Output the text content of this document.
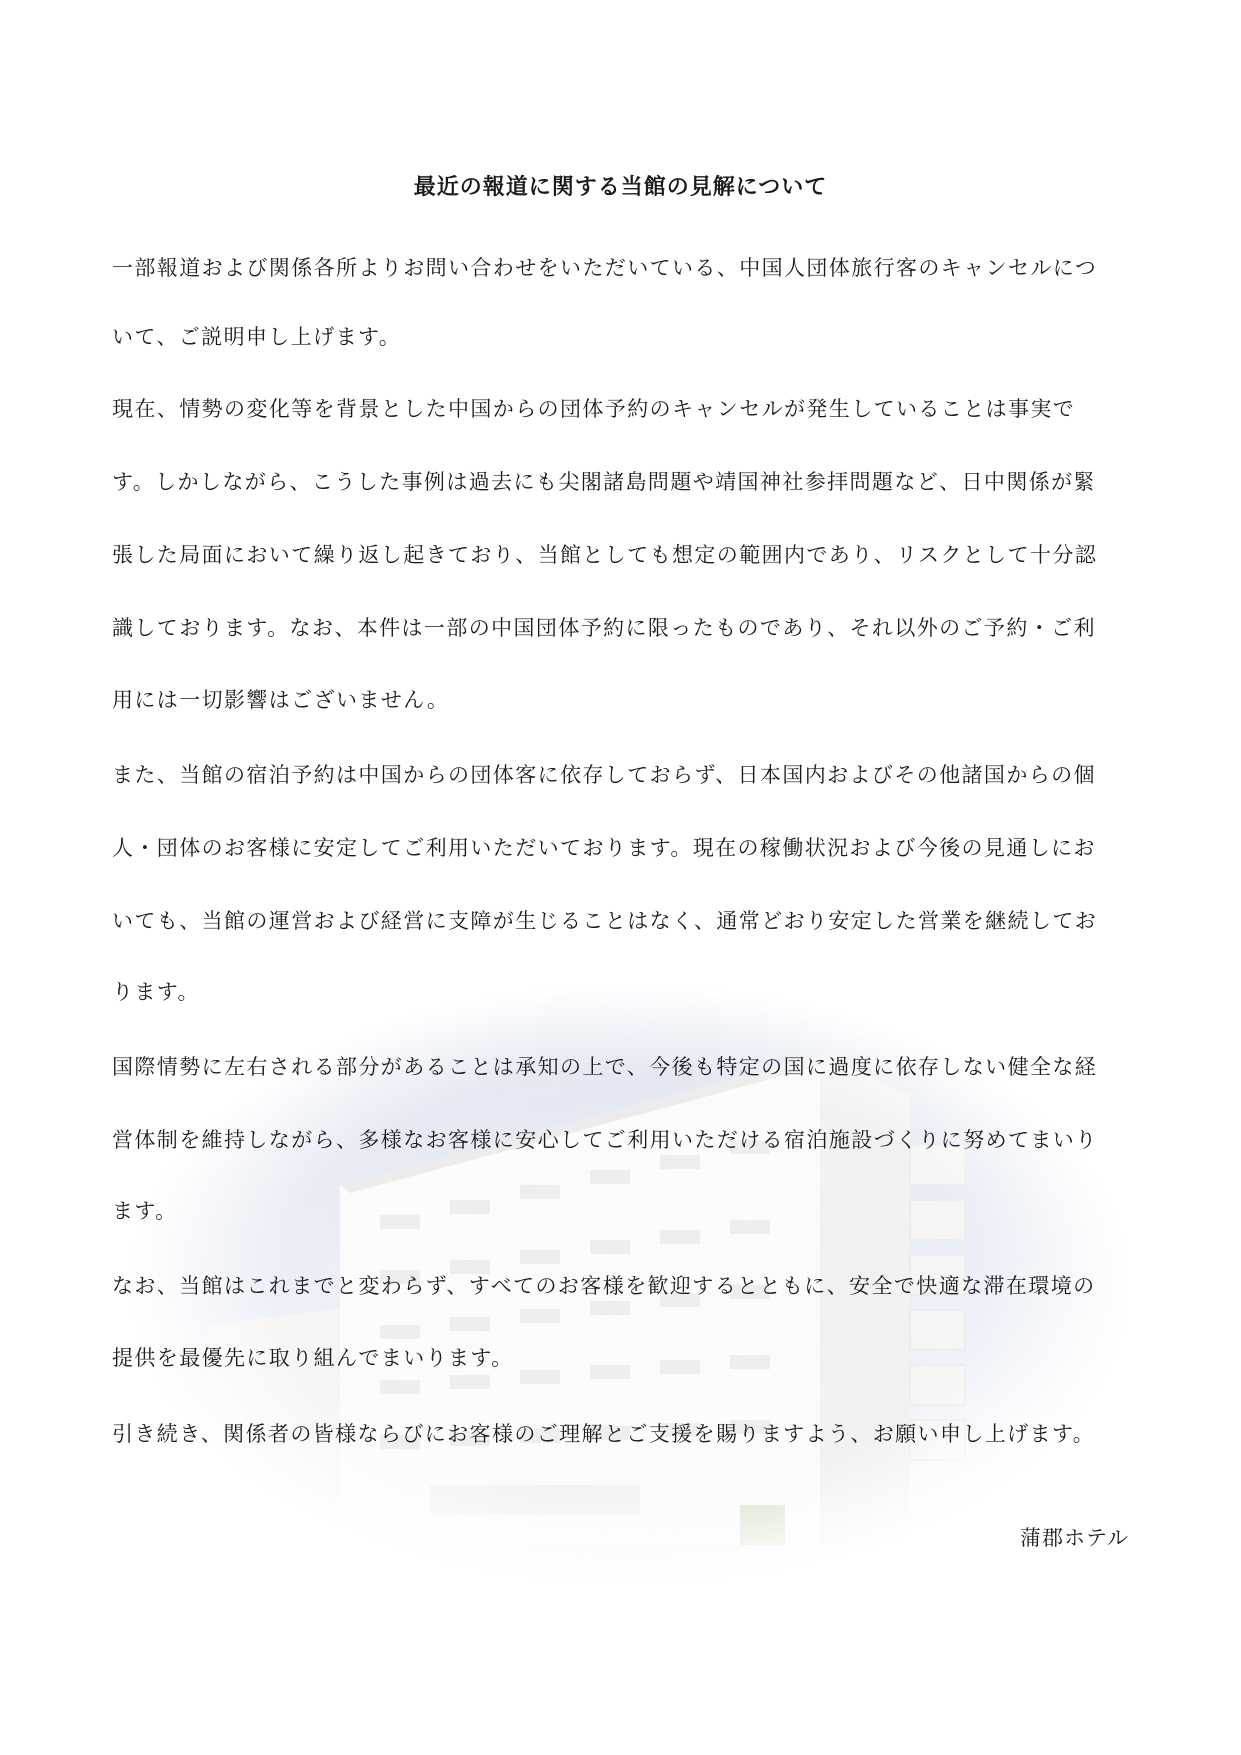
最近の報道に関する当館の見解について
一部報道および関係各所よりお問い合わせをいただいている、中国人団体旅行客のキャンセルにつ
いて、ご説明申し上げます。
現在、情勢の変化等を背景とした中国からの団体予約のキャンセルが発生していることは事実で
す。しかしながら、こうした事例は過去にも尖閣諸島問題や靖国神社参拝問題など、日中関係が緊
張した局面において繰り返し起きており、当館としても想定の範囲内であり、リスクとして十分認
識しております。なお、本件は一部の中国団体予約に限ったものであり、それ以外のご予約・ご利
用には一切影響はございません。
また、当館の宿泊予約は中国からの団体客に依存しておらず、日本国内およびその他諸国からの個
人・団体のお客様に安定してご利用いただいております。現在の稼働状況および今後の見通しにお
いても、当館の運営および経営に支障が生じることはなく、通常どおり安定した営業を継続してお
ります。
国際情勢に左右される部分があることは承知の上で、今後も特定の国に過度に依存しない健全な経
営体制を維持しながら、多様なお客様に安心してご利用いただける宿泊施設づくりに努めてまいり
ます。
なお、当館はこれまでと変わらず、すべてのお客様を歓迎するとともに、安全で快適な滞在環境の
提供を最優先に取り組んでまいります。
引き続き、関係者の皆様ならびにお客様のご理解とご支援を賜りますよう、お願い申し上げます。
蒲郡ホテル
